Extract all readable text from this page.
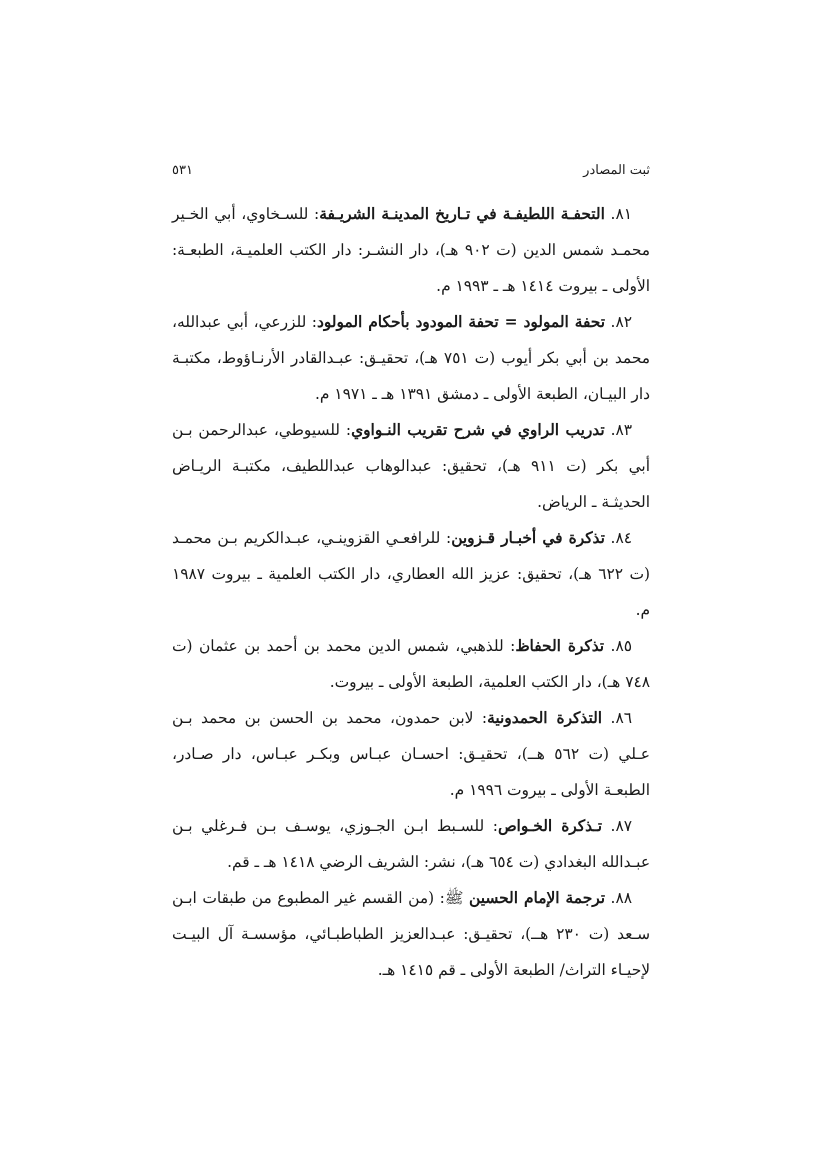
ثبت المصادر
٥٣١

٨١. التحفـة اللطيفـة في تـاريخ المدينـة الشريـفة: للسـخاوي، أبي الخـير محمـد شمس الدين (ت ٩٠٢ هـ)، دار النشـر: دار الكتب العلميـة، الطبعـة: الأولى ـ بيروت ١٤١٤ هـ ـ ١٩٩٣ م.

٨٢. تحفة المولود = تحفة المودود بأحكام المولود: للزرعي، أبي عبدالله، محمد بن أبي بكر أيوب (ت ٧٥١ هـ)، تحقيـق: عبـدالقادر الأرنـاؤوط، مكتبـة دار البيـان، الطبعة الأولى ـ دمشق ١٣٩١ هـ ـ ١٩٧١ م.

٨٣. تدريب الراوي في شرح تقريب النـواوي: للسيوطي، عبدالرحمن بـن أبي بكر (ت ٩١١ هـ)، تحقيق: عبدالوهاب عبداللطيف، مكتبـة الريـاض الحديثـة ـ الرياض.

٨٤. تذكرة في أخبـار قـزوين: للرافعـي القزوينـي، عبـدالكريم بـن محمـد (ت ٦٢٢ هـ)، تحقيق: عزيز الله العطاري، دار الكتب العلمية ـ بيروت ١٩٨٧ م.

٨٥. تذكرة الحفاظ: للذهبي، شمس الدين محمد بن أحمد بن عثمان (ت ٧٤٨ هـ)، دار الكتب العلمية، الطبعة الأولى ـ بيروت.

٨٦. التذكرة الحمدونية: لابن حمدون، محمد بن الحسن بن محمد بـن عـلي (ت ٥٦٢ هــ)، تحقيـق: احسـان عبـاس وبكـر عبـاس، دار صـادر، الطبعـة الأولى ـ بيروت ١٩٩٦ م.

٨٧. تـذكرة الخـواص: للسـبط ابـن الجـوزي، يوسـف بـن فـرغلي بـن عبـدالله البغدادي (ت ٦٥٤ هـ)، نشر: الشريف الرضي ١٤١٨ هـ ـ قم.

٨٨. ترجمة الإمام الحسين ﷺ: (من القسم غير المطبوع من طبقات ابـن سـعد (ت ٢٣٠ هــ)، تحقيـق: عبـدالعزيز الطباطبـائي، مؤسسـة آل البيـت لإحيـاء التراث/ الطبعة الأولى ـ قم ١٤١٥ هـ.
